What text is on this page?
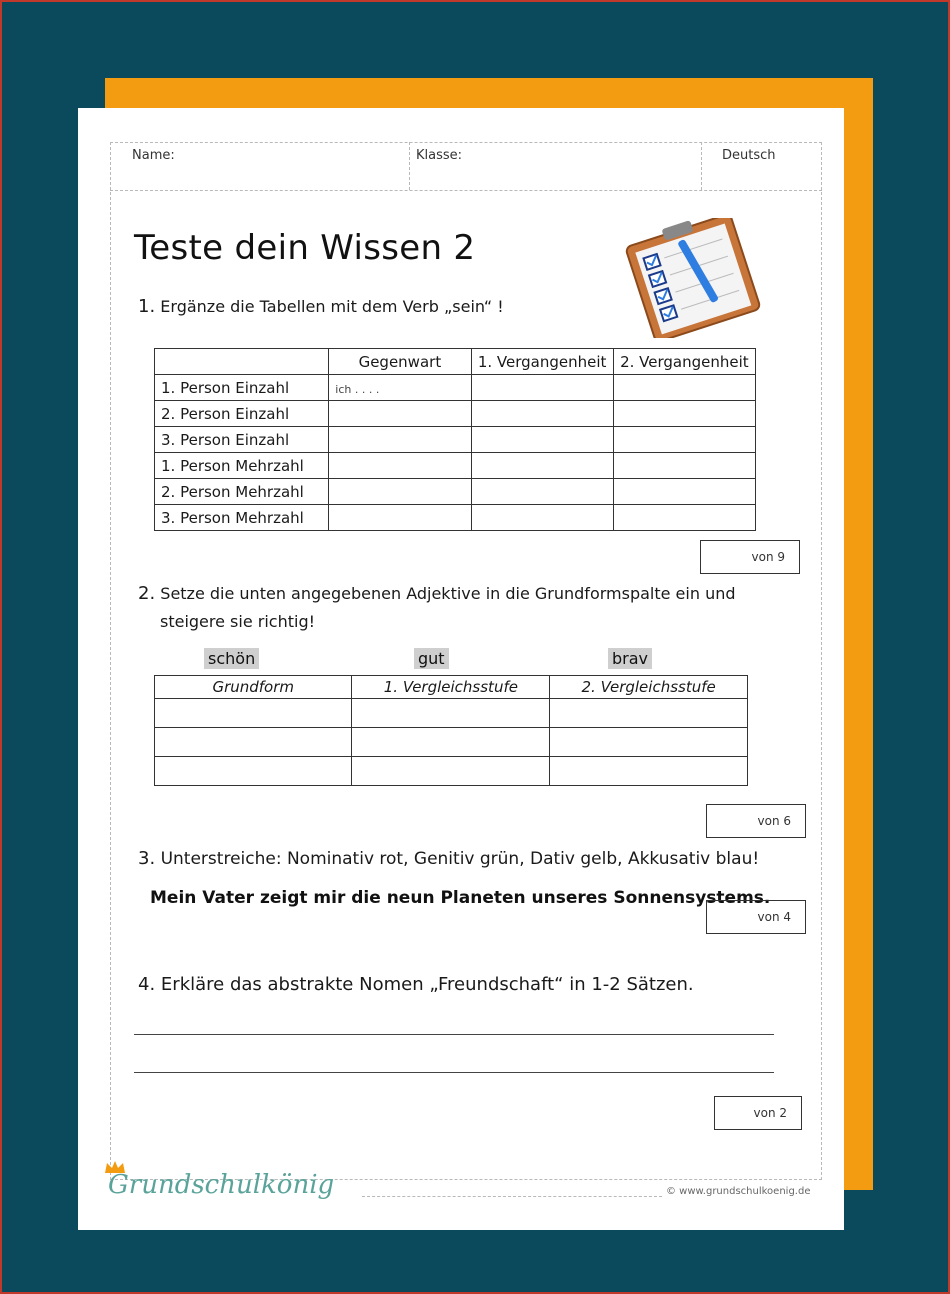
Name:	Klasse:	Deutsch
Teste dein Wissen 2
1. Ergänze die Tabellen mit dem Verb „sein“ !
	Gegenwart	1. Vergangenheit	2. Vergangenheit
1. Person Einzahl	ich . . . .		
2. Person Einzahl			
3. Person Einzahl			
1. Person Mehrzahl			
2. Person Mehrzahl			
3. Person Mehrzahl			
von 9
2. Setze die unten angegebenen Adjektive in die Grundformspalte ein und
steigere sie richtig!
schön	gut	brav
Grundform	1. Vergleichsstufe	2. Vergleichsstufe

von 6
3. Unterstreiche: Nominativ rot, Genitiv grün, Dativ gelb, Akkusativ blau!
Mein Vater zeigt mir die neun Planeten unseres Sonnensystems.
von 4
4. Erkläre das abstrakte Nomen „Freundschaft“ in 1-2 Sätzen.
von 2
Grundschulkönig	© www.grundschulkoenig.de
